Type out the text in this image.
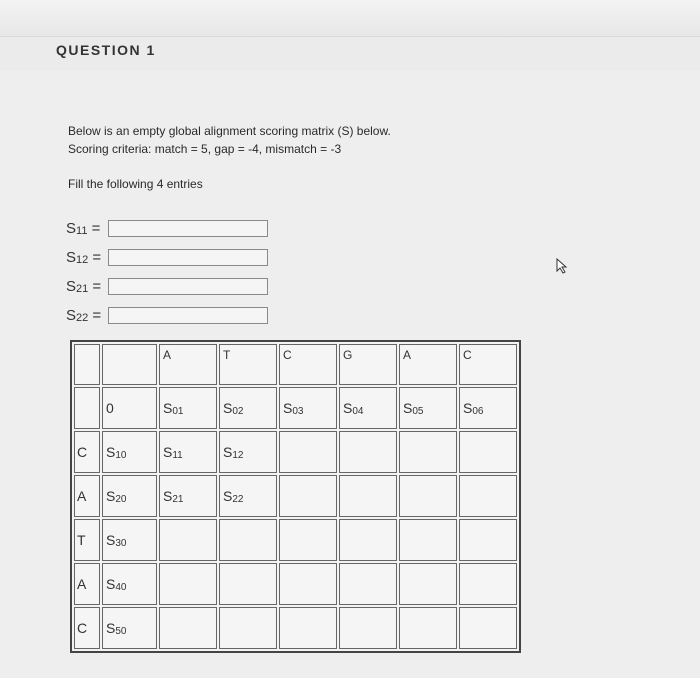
QUESTION 1
Below is an empty global alignment scoring matrix (S) below.
Scoring criteria: match = 5, gap = -4, mismatch = -3
Fill the following 4 entries
$S_{11}$ =
$S_{12}$ =
$S_{21}$ =
$S_{22}$ =
		A	T	C	G	A	C
	0	$S_{01}$	$S_{02}$	$S_{03}$	$S_{04}$	$S_{05}$	$S_{06}$
C	$S_{10}$	$S_{11}$	$S_{12}$				
A	$S_{20}$	$S_{21}$	$S_{22}$				
T	$S_{30}$						
A	$S_{40}$						
C	$S_{50}$						
